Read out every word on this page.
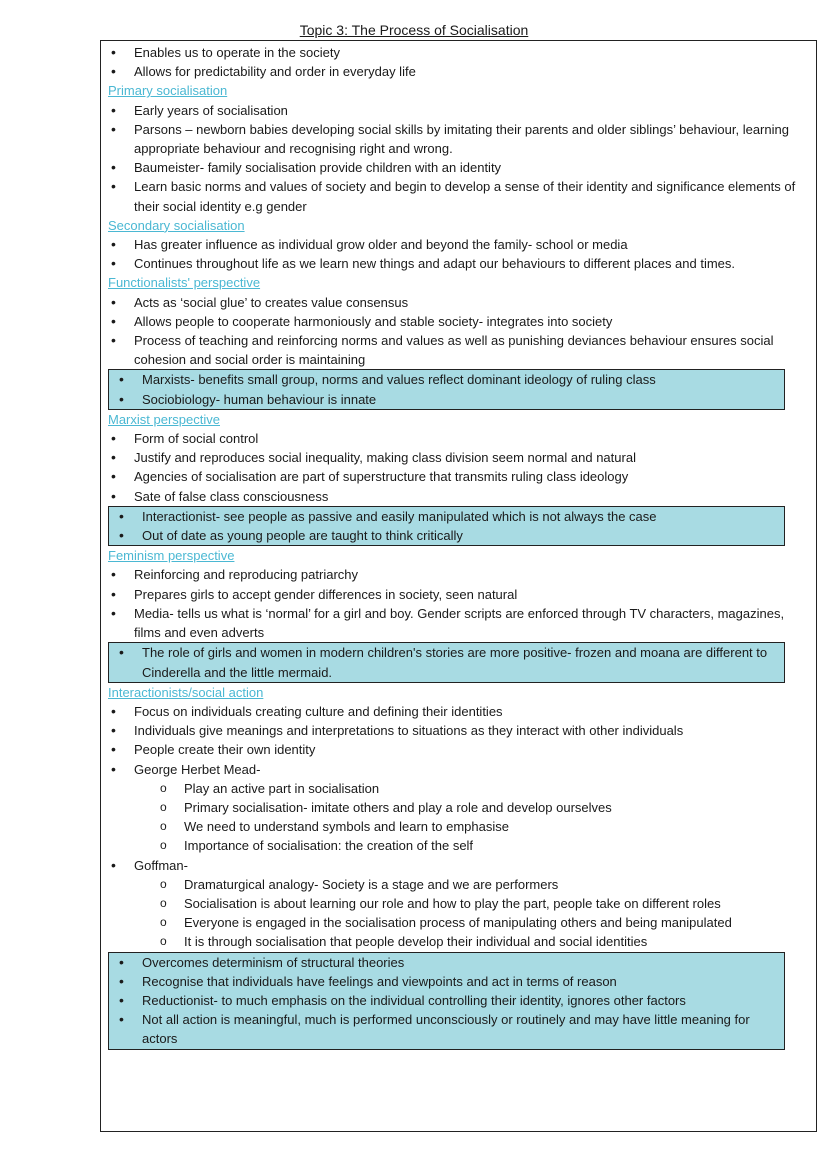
Topic 3: The Process of Socialisation
• Enables us to operate in the society
• Allows for predictability and order in everyday life
Primary socialisation
• Early years of socialisation
• Parsons – newborn babies developing social skills by imitating their parents and older siblings’ behaviour, learning appropriate behaviour and recognising right and wrong.
• Baumeister- family socialisation provide children with an identity
• Learn basic norms and values of society and begin to develop a sense of their identity and significance elements of their social identity e.g gender
Secondary socialisation
• Has greater influence as individual grow older and beyond the family- school or media
• Continues throughout life as we learn new things and adapt our behaviours to different places and times.
Functionalists' perspective
• Acts as ‘social glue’ to creates value consensus
• Allows people to cooperate harmoniously and stable society- integrates into society
• Process of teaching and reinforcing norms and values as well as punishing deviances behaviour ensures social cohesion and social order is maintaining
• Marxists- benefits small group, norms and values reflect dominant ideology of ruling class
• Sociobiology- human behaviour is innate
Marxist perspective
• Form of social control
• Justify and reproduces social inequality, making class division seem normal and natural
• Agencies of socialisation are part of superstructure that transmits ruling class ideology
• Sate of false class consciousness
• Interactionist- see people as passive and easily manipulated which is not always the case
• Out of date as young people are taught to think critically
Feminism perspective
• Reinforcing and reproducing patriarchy
• Prepares girls to accept gender differences in society, seen natural
• Media- tells us what is ‘normal’ for a girl and boy. Gender scripts are enforced through TV characters, magazines, films and even adverts
• The role of girls and women in modern children's stories are more positive- frozen and moana are different to Cinderella and the little mermaid.
Interactionists/social action
• Focus on individuals creating culture and defining their identities
• Individuals give meanings and interpretations to situations as they interact with other individuals
• People create their own identity
• George Herbet Mead-
o Play an active part in socialisation
o Primary socialisation- imitate others and play a role and develop ourselves
o We need to understand symbols and learn to emphasise
o Importance of socialisation: the creation of the self
• Goffman-
o Dramaturgical analogy- Society is a stage and we are performers
o Socialisation is about learning our role and how to play the part, people take on different roles
o Everyone is engaged in the socialisation process of manipulating others and being manipulated
o It is through socialisation that people develop their individual and social identities
• Overcomes determinism of structural theories
• Recognise that individuals have feelings and viewpoints and act in terms of reason
• Reductionist- to much emphasis on the individual controlling their identity, ignores other factors
• Not all action is meaningful, much is performed unconsciously or routinely and may have little meaning for actors
